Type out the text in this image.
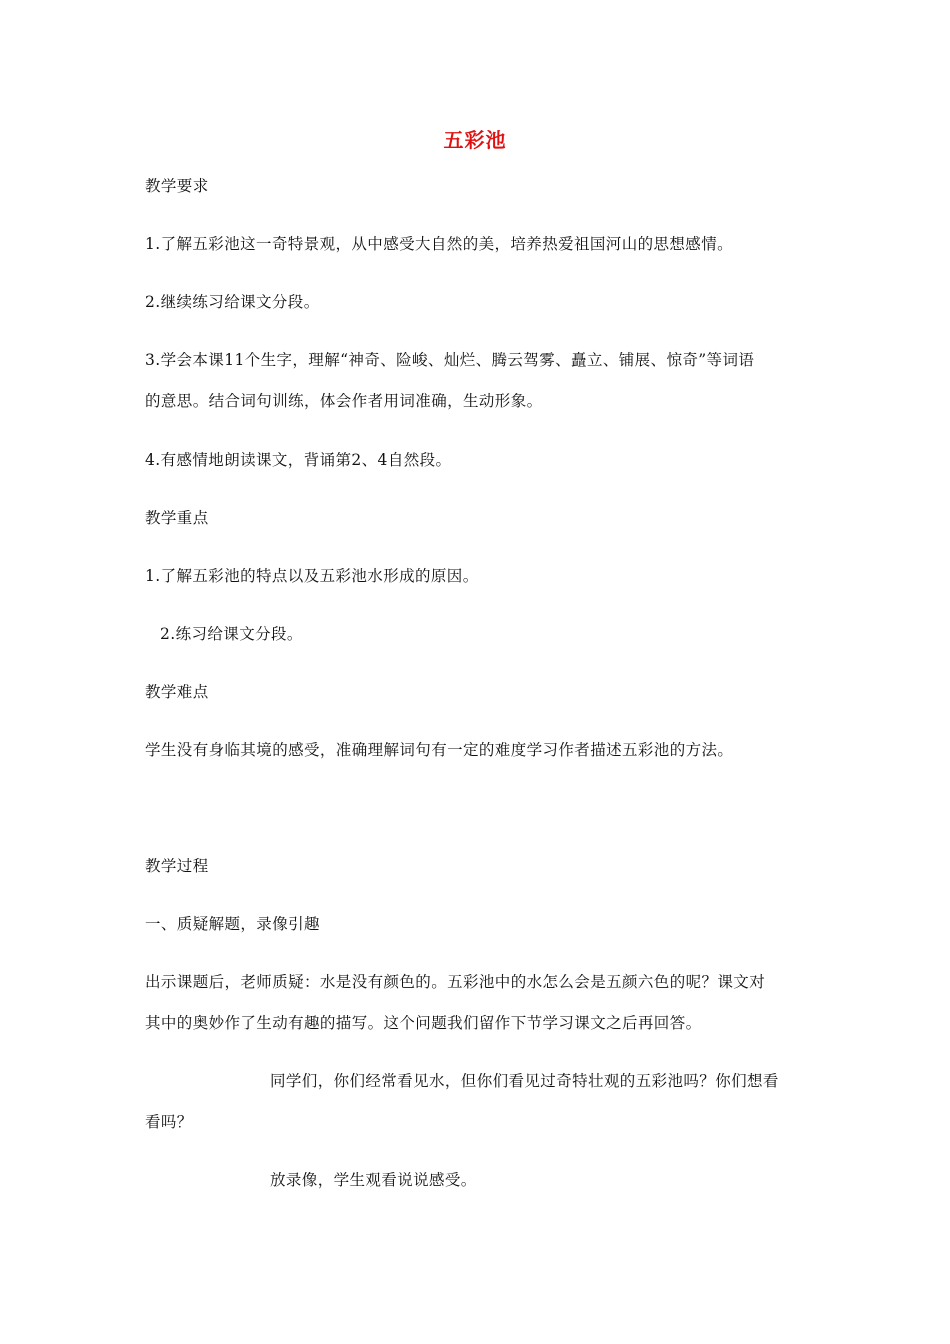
五彩池
教学要求
1.了解五彩池这一奇特景观，从中感受大自然的美，培养热爱祖国河山的思想感情。
2.继续练习给课文分段。
3.学会本课11个生字，理解“神奇、险峻、灿烂、腾云驾雾、矗立、铺展、惊奇”等词语
的意思。结合词句训练，体会作者用词准确，生动形象。
4.有感情地朗读课文，背诵第2、4自然段。
教学重点
1.了解五彩池的特点以及五彩池水形成的原因。
2.练习给课文分段。
教学难点
学生没有身临其境的感受，准确理解词句有一定的难度学习作者描述五彩池的方法。
教学过程
一、质疑解题，录像引趣
出示课题后，老师质疑：水是没有颜色的。五彩池中的水怎么会是五颜六色的呢？课文对
其中的奥妙作了生动有趣的描写。这个问题我们留作下节学习课文之后再回答。
同学们，你们经常看见水，但你们看见过奇特壮观的五彩池吗？你们想看
看吗？
放录像，学生观看说说感受。
